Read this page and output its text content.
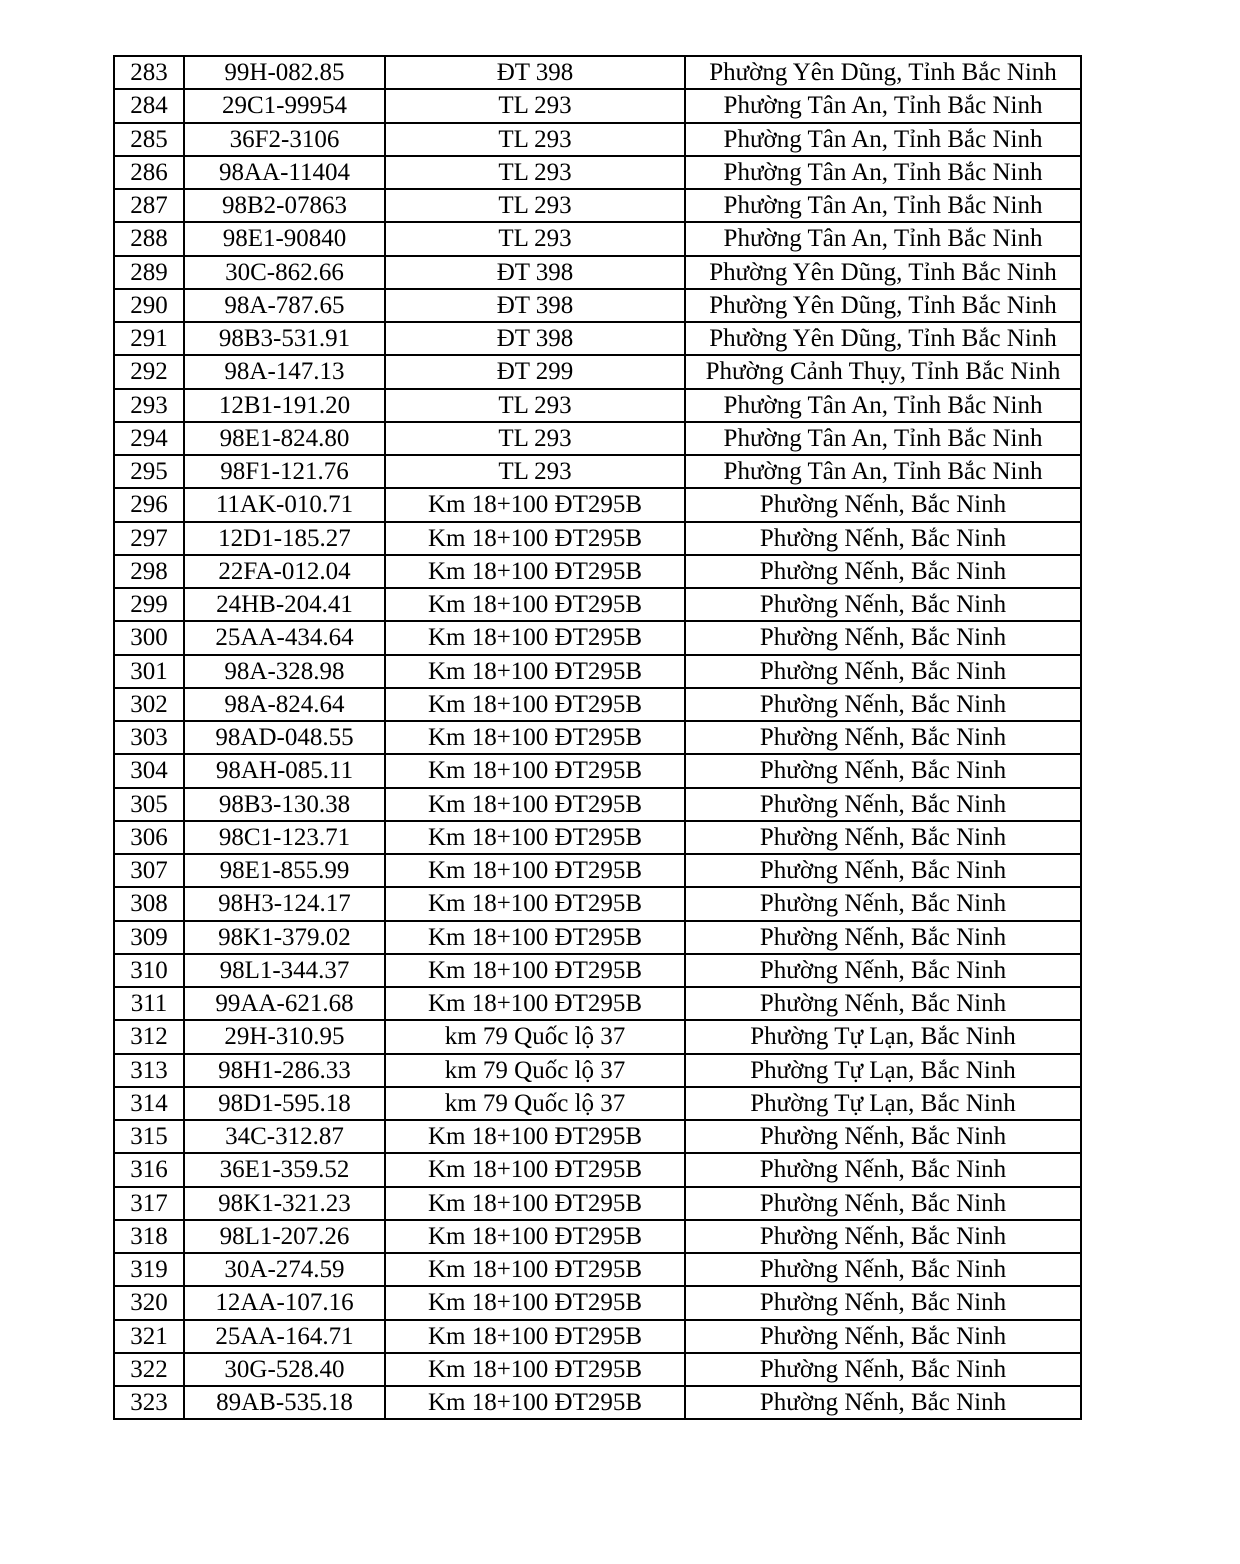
283	99H-082.85	ĐT 398	Phường Yên Dũng, Tỉnh Bắc Ninh
284	29C1-99954	TL 293	Phường Tân An, Tỉnh Bắc Ninh
285	36F2-3106	TL 293	Phường Tân An, Tỉnh Bắc Ninh
286	98AA-11404	TL 293	Phường Tân An, Tỉnh Bắc Ninh
287	98B2-07863	TL 293	Phường Tân An, Tỉnh Bắc Ninh
288	98E1-90840	TL 293	Phường Tân An, Tỉnh Bắc Ninh
289	30C-862.66	ĐT 398	Phường Yên Dũng, Tỉnh Bắc Ninh
290	98A-787.65	ĐT 398	Phường Yên Dũng, Tỉnh Bắc Ninh
291	98B3-531.91	ĐT 398	Phường Yên Dũng, Tỉnh Bắc Ninh
292	98A-147.13	ĐT 299	Phường Cảnh Thụy, Tỉnh Bắc Ninh
293	12B1-191.20	TL 293	Phường Tân An, Tỉnh Bắc Ninh
294	98E1-824.80	TL 293	Phường Tân An, Tỉnh Bắc Ninh
295	98F1-121.76	TL 293	Phường Tân An, Tỉnh Bắc Ninh
296	11AK-010.71	Km 18+100 ĐT295B	Phường Nếnh, Bắc Ninh
297	12D1-185.27	Km 18+100 ĐT295B	Phường Nếnh, Bắc Ninh
298	22FA-012.04	Km 18+100 ĐT295B	Phường Nếnh, Bắc Ninh
299	24HB-204.41	Km 18+100 ĐT295B	Phường Nếnh, Bắc Ninh
300	25AA-434.64	Km 18+100 ĐT295B	Phường Nếnh, Bắc Ninh
301	98A-328.98	Km 18+100 ĐT295B	Phường Nếnh, Bắc Ninh
302	98A-824.64	Km 18+100 ĐT295B	Phường Nếnh, Bắc Ninh
303	98AD-048.55	Km 18+100 ĐT295B	Phường Nếnh, Bắc Ninh
304	98AH-085.11	Km 18+100 ĐT295B	Phường Nếnh, Bắc Ninh
305	98B3-130.38	Km 18+100 ĐT295B	Phường Nếnh, Bắc Ninh
306	98C1-123.71	Km 18+100 ĐT295B	Phường Nếnh, Bắc Ninh
307	98E1-855.99	Km 18+100 ĐT295B	Phường Nếnh, Bắc Ninh
308	98H3-124.17	Km 18+100 ĐT295B	Phường Nếnh, Bắc Ninh
309	98K1-379.02	Km 18+100 ĐT295B	Phường Nếnh, Bắc Ninh
310	98L1-344.37	Km 18+100 ĐT295B	Phường Nếnh, Bắc Ninh
311	99AA-621.68	Km 18+100 ĐT295B	Phường Nếnh, Bắc Ninh
312	29H-310.95	km 79 Quốc lộ 37	Phường Tự Lạn, Bắc Ninh
313	98H1-286.33	km 79 Quốc lộ 37	Phường Tự Lạn, Bắc Ninh
314	98D1-595.18	km 79 Quốc lộ 37	Phường Tự Lạn, Bắc Ninh
315	34C-312.87	Km 18+100 ĐT295B	Phường Nếnh, Bắc Ninh
316	36E1-359.52	Km 18+100 ĐT295B	Phường Nếnh, Bắc Ninh
317	98K1-321.23	Km 18+100 ĐT295B	Phường Nếnh, Bắc Ninh
318	98L1-207.26	Km 18+100 ĐT295B	Phường Nếnh, Bắc Ninh
319	30A-274.59	Km 18+100 ĐT295B	Phường Nếnh, Bắc Ninh
320	12AA-107.16	Km 18+100 ĐT295B	Phường Nếnh, Bắc Ninh
321	25AA-164.71	Km 18+100 ĐT295B	Phường Nếnh, Bắc Ninh
322	30G-528.40	Km 18+100 ĐT295B	Phường Nếnh, Bắc Ninh
323	89AB-535.18	Km 18+100 ĐT295B	Phường Nếnh, Bắc Ninh
